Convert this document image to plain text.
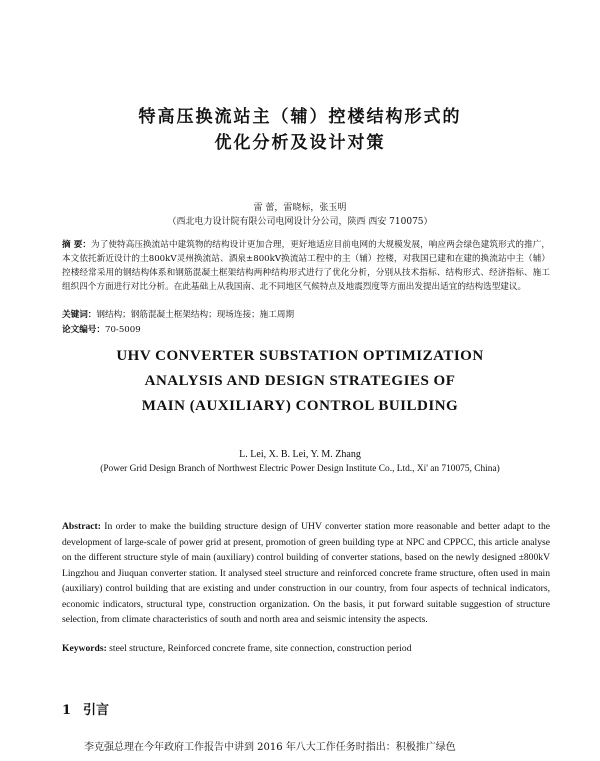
特高压换流站主（辅）控楼结构形式的
优化分析及设计对策
雷 蕾，雷晓标，张玉明
（西北电力设计院有限公司电网设计分公司，陕西 西安 710075）

摘 要：为了使特高压换流站中建筑物的结构设计更加合理，更好地适应目前电网的大规模发展，响应两会绿色建筑形式的推广，本文依托新近设计的土800kV灵州换流站、酒泉±800kV换流站工程中的主（辅）控楼，对我国已建和在建的换流站中主（辅）控楼经常采用的钢结构体系和钢筋混凝土框架结构两种结构形式进行了优化分析，分别从技术指标、结构形式、经济指标、施工组织四个方面进行对比分析。在此基础上从我国南、北不同地区气候特点及地震烈度等方面出发提出适宜的结构选型建议。

关键词：钢结构；钢筋混凝土框架结构；现场连接；施工周期

论文编号：70-5009

UHV CONVERTER SUBSTATION OPTIMIZATION
ANALYSIS AND DESIGN STRATEGIES OF
MAIN (AUXILIARY) CONTROL BUILDING
L. Lei, X. B. Lei, Y. M. Zhang
(Power Grid Design Branch of Northwest Electric Power Design Institute Co., Ltd., Xi' an 710075, China)

Abstract: In order to make the building structure design of UHV converter station more reasonable and better adapt to the development of large-scale of power grid at present, promotion of green building type at NPC and CPPCC, this article analyse on the different structure style of main (auxiliary) control building of converter stations, based on the newly designed ±800kV Lingzhou and Jiuquan converter station. It analysed steel structure and reinforced concrete frame structure, often used in main (auxiliary) control building that are existing and under construction in our country, from four aspects of technical indicators, economic indicators, structural type, construction organization. On the basis, it put forward suitable suggestion of structure selection, from climate characteristics of south and north area and seismic intensity the aspects.

Keywords: steel structure, Reinforced concrete frame, site connection, construction period

1 引言
李克强总理在今年政府工作报告中讲到 2016 年八大工作任务时指出：积极推广绿色
